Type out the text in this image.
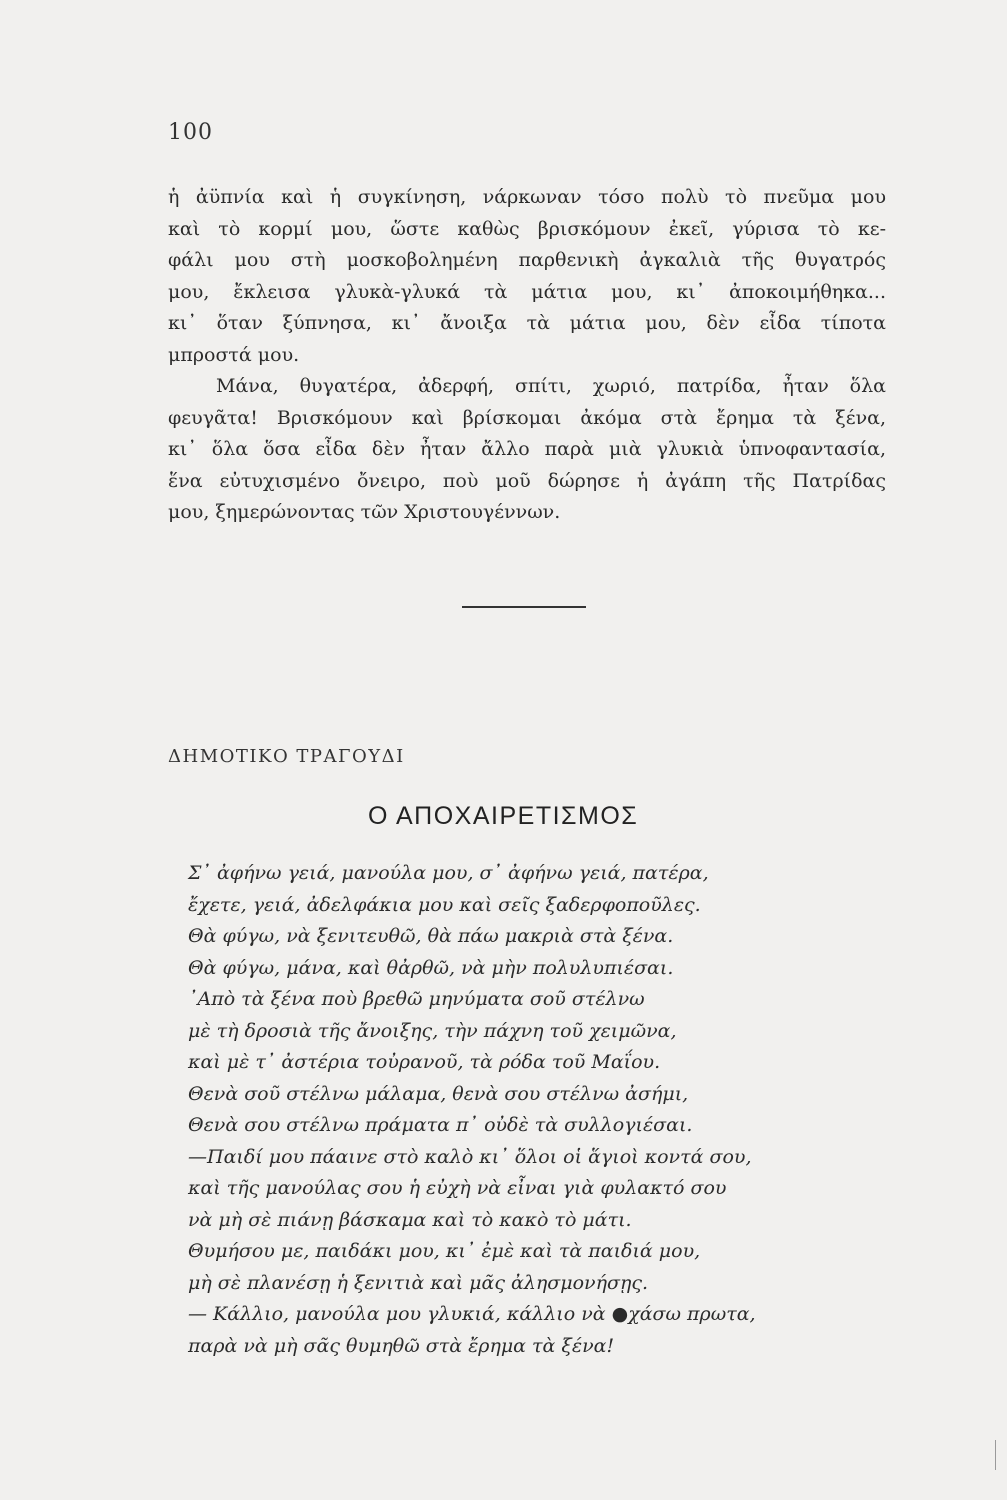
100
ἡ ἀϋπνία καὶ ἡ συγκίνηση, νάρκωναν τόσο πολὺ τὸ πνεῦμα μου
καὶ τὸ κορμί μου, ὥστε καθὼς βρισκόμουν ἐκεῖ, γύρισα τὸ κε-
φάλι μου στὴ μοσκοβολημένη παρθενικὴ ἀγκαλιὰ τῆς θυγατρός
μου, ἔκλεισα γλυκὰ-γλυκά τὰ μάτια μου, κι᾽ ἀποκοιμήθηκα...
κι᾽ ὅταν ξύπνησα, κι᾽ ἄνοιξα τὰ μάτια μου, δὲν εἶδα τίποτα
μπροστά μου.
Μάνα, θυγατέρα, ἀδερφή, σπίτι, χωριό, πατρίδα, ἦταν ὅλα
φευγᾶτα! Βρισκόμουν καὶ βρίσκομαι ἀκόμα στὰ ἔρημα τὰ ξένα,
κι᾽ ὅλα ὅσα εἶδα δὲν ἦταν ἄλλο παρὰ μιὰ γλυκιὰ ὑπνοφαντασία,
ἕνα εὐτυχισμένο ὄνειρο, ποὺ μοῦ δώρησε ἡ ἀγάπη τῆς Πατρίδας
μου, ξημερώνοντας τῶν Χριστουγέννων.
ΔΗΜΟΤΙΚΟ ΤΡΑΓΟΥΔΙ
Ο ΑΠΟΧΑΙΡΕΤΙΣΜΟΣ
Σ᾽ ἀφήνω γειά, μανούλα μου, σ᾽ ἀφήνω γειά, πατέρα,
ἔχετε, γειά, ἀδελφάκια μου καὶ σεῖς ξαδερφοποῦλες.
Θὰ φύγω, νὰ ξενιτευθῶ, θὰ πάω μακριὰ στὰ ξένα.
Θὰ φύγω, μάνα, καὶ θἀρθῶ, νὰ μὴν πολυλυπιέσαι.
᾽Απὸ τὰ ξένα ποὺ βρεθῶ μηνύματα σοῦ στέλνω
μὲ τὴ δροσιὰ τῆς ἄνοιξης, τὴν πάχνη τοῦ χειμῶνα,
καὶ μὲ τ᾽ ἀστέρια τοὐρανοῦ, τὰ ρόδα τοῦ Μαΐου.
Θενὰ σοῦ στέλνω μάλαμα, θενὰ σου στέλνω ἀσήμι,
Θενὰ σου στέλνω πράματα π᾽ οὐδὲ τὰ συλλογιέσαι.
—Παιδί μου πάαινε στὸ καλὸ κι᾽ ὅλοι οἱ ἅγιοὶ κοντά σου,
καὶ τῆς μανούλας σου ἡ εὐχὴ νὰ εἶναι γιὰ φυλακτό σου
νὰ μὴ σὲ πιάνῃ βάσκαμα καὶ τὸ κακὸ τὸ μάτι.
Θυμήσου με, παιδάκι μου, κι᾽ ἐμὲ καὶ τὰ παιδιά μου,
μὴ σὲ πλανέσῃ ἡ ξενιτιὰ καὶ μᾶς ἀλησμονήσῃς.
— Κάλλιο, μανούλα μου γλυκιά, κάλλιο νὰ ●χάσω πρωτα,
παρὰ νὰ μὴ σᾶς θυμηθῶ στὰ ἔρημα τὰ ξένα!
